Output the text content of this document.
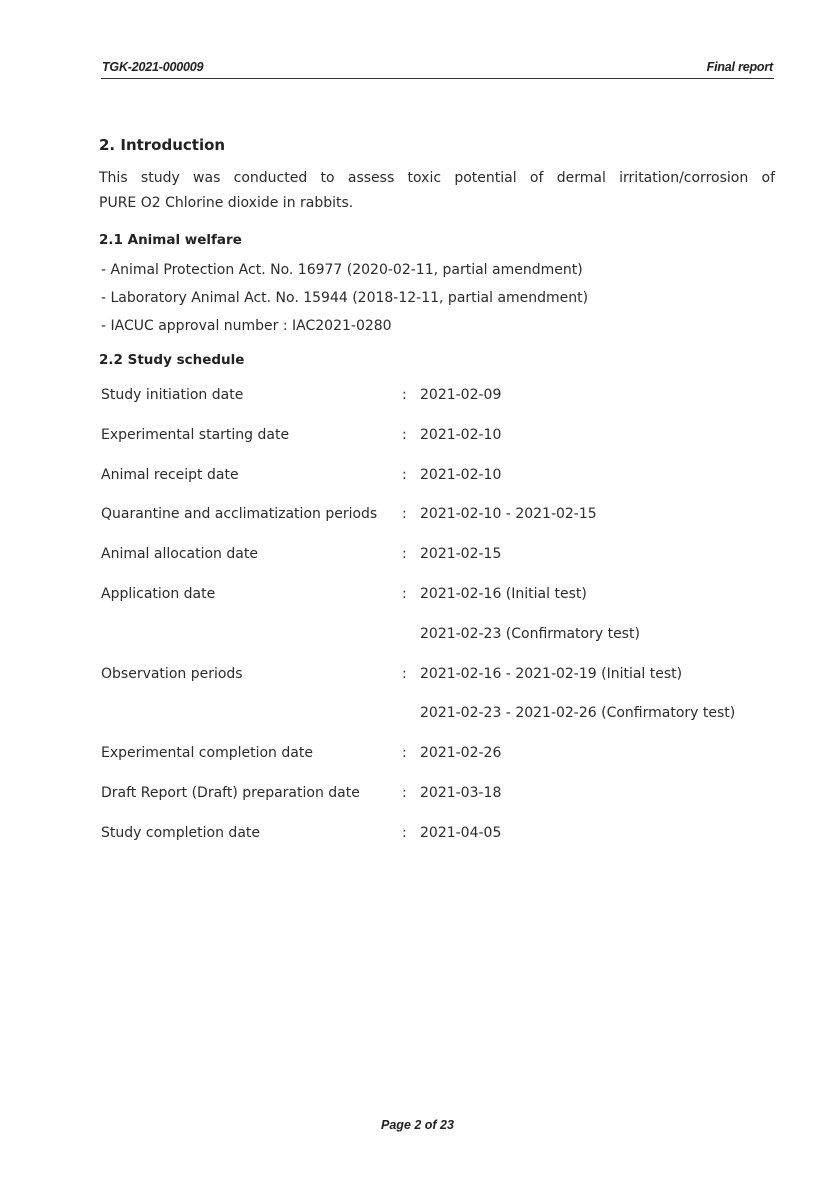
TGK-2021-000009	Final report
2. Introduction
This study was conducted to assess toxic potential of dermal irritation/corrosion of
PURE O2 Chlorine dioxide in rabbits.
2.1 Animal welfare
- Animal Protection Act. No. 16977 (2020-02-11, partial amendment)
- Laboratory Animal Act. No. 15944 (2018-12-11, partial amendment)
- IACUC approval number : IAC2021-0280
2.2 Study schedule
Study initiation date	: 2021-02-09
Experimental starting date	: 2021-02-10
Animal receipt date	: 2021-02-10
Quarantine and acclimatization periods : 2021-02-10 - 2021-02-15
Animal allocation date	: 2021-02-15
Application date	: 2021-02-16 (Initial test)
2021-02-23 (Confirmatory test)
Observation periods	: 2021-02-16 - 2021-02-19 (Initial test)
2021-02-23 - 2021-02-26 (Confirmatory test)
Experimental completion date	: 2021-02-26
Draft Report (Draft) preparation date	: 2021-03-18
Study completion date	: 2021-04-05
Page 2 of 23
